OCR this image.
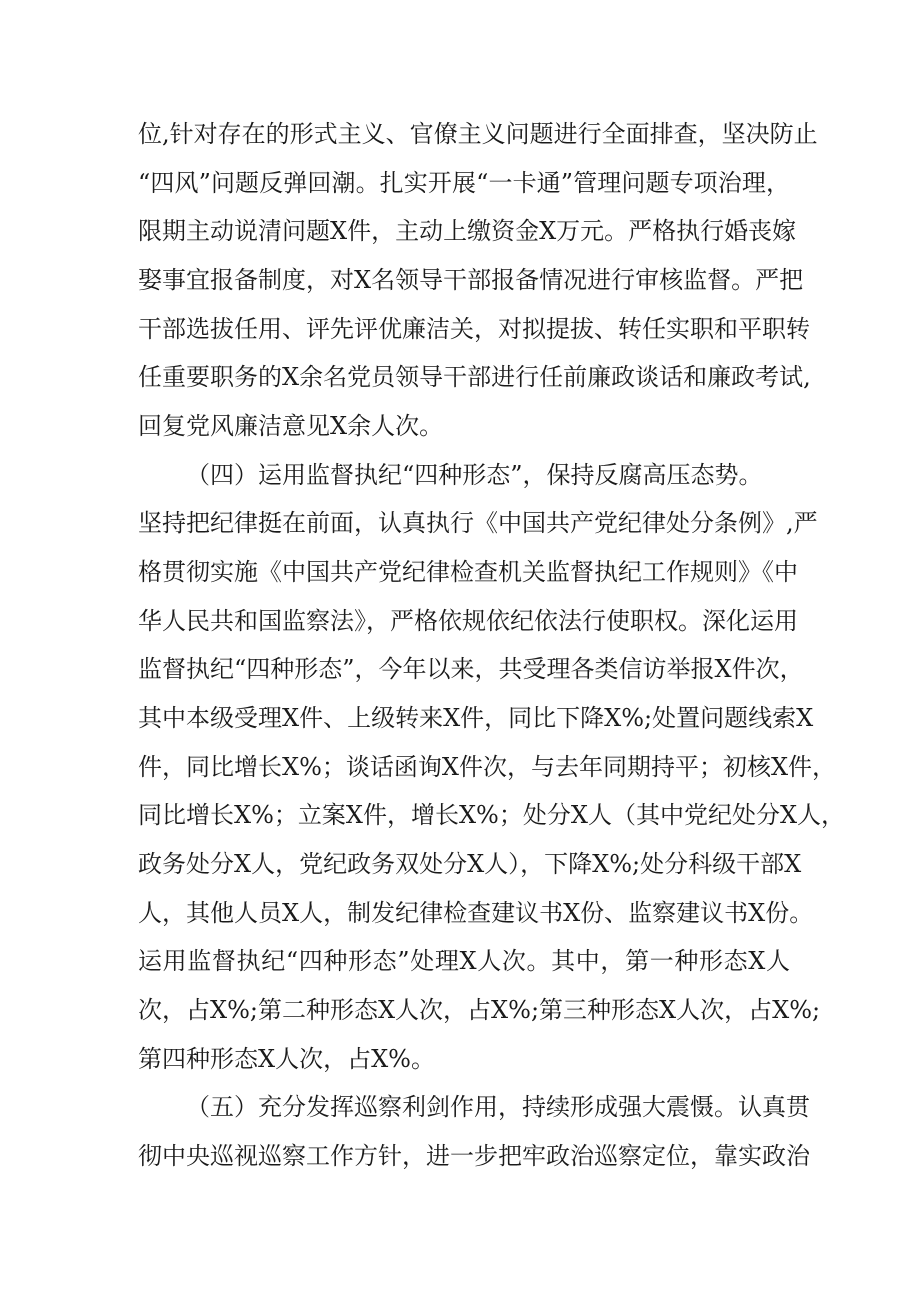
位,针对存在的形式主义、官僚主义问题进行全面排查，坚决防止
“四风”问题反弹回潮。扎实开展“一卡通”管理问题专项治理，
限期主动说清问题X件，主动上缴资金X万元。严格执行婚丧嫁
娶事宜报备制度，对X名领导干部报备情况进行审核监督。严把
干部选拔任用、评先评优廉洁关，对拟提拔、转任实职和平职转
任重要职务的X余名党员领导干部进行任前廉政谈话和廉政考试,
回复党风廉洁意见X余人次。
（四）运用监督执纪“四种形态”，保持反腐高压态势。
坚持把纪律挺在前面，认真执行《中国共产党纪律处分条例》,严
格贯彻实施《中国共产党纪律检查机关监督执纪工作规则》《中
华人民共和国监察法》，严格依规依纪依法行使职权。深化运用
监督执纪“四种形态”，今年以来，共受理各类信访举报X件次，
其中本级受理X件、上级转来X件，同比下降X%;处置问题线索X
件，同比增长X%；谈话函询X件次，与去年同期持平；初核X件，
同比增长X%；立案X件，增长X%；处分X人（其中党纪处分X人，
政务处分X人，党纪政务双处分X人），下降X%;处分科级干部X
人，其他人员X人，制发纪律检查建议书X份、监察建议书X份。
运用监督执纪“四种形态”处理X人次。其中，第一种形态X人
次，占X%;第二种形态X人次，占X%;第三种形态X人次，占X%;
第四种形态X人次，占X%。
（五）充分发挥巡察利剑作用，持续形成强大震慑。认真贯
彻中央巡视巡察工作方针，进一步把牢政治巡察定位，靠实政治
